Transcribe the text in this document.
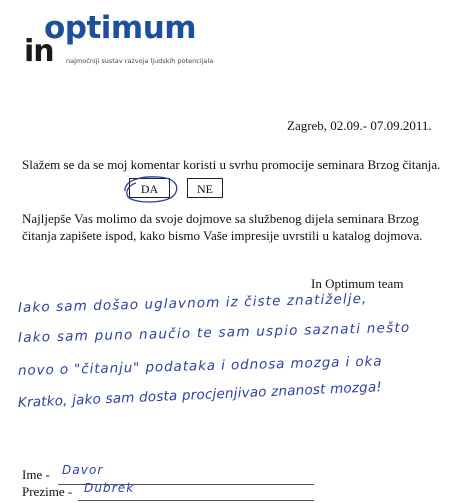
optimum
in najmočniji sustav razvoja ljudskih potencijala
Zagreb, 02.09.- 07.09.2011.
Slažem se da se moj komentar koristi u svrhu promocije seminara Brzog čitanja.
DA	NE
Najljepše Vas molimo da svoje dojmove sa službenog dijela seminara Brzog
čitanja zapišete ispod, kako bismo Vaše impresije uvrstili u katalog dojmova.
In Optimum team
Iako sam došao uglavnom iz čiste znatiželje,
Iako sam puno naučio te sam uspio saznati nešto
novo o "čitanju" podataka i odnosa mozga i oka
Kratko, jako sam dosta procjenjivao znanost mozga!
Ime - Davor
Prezime - Dubrek
